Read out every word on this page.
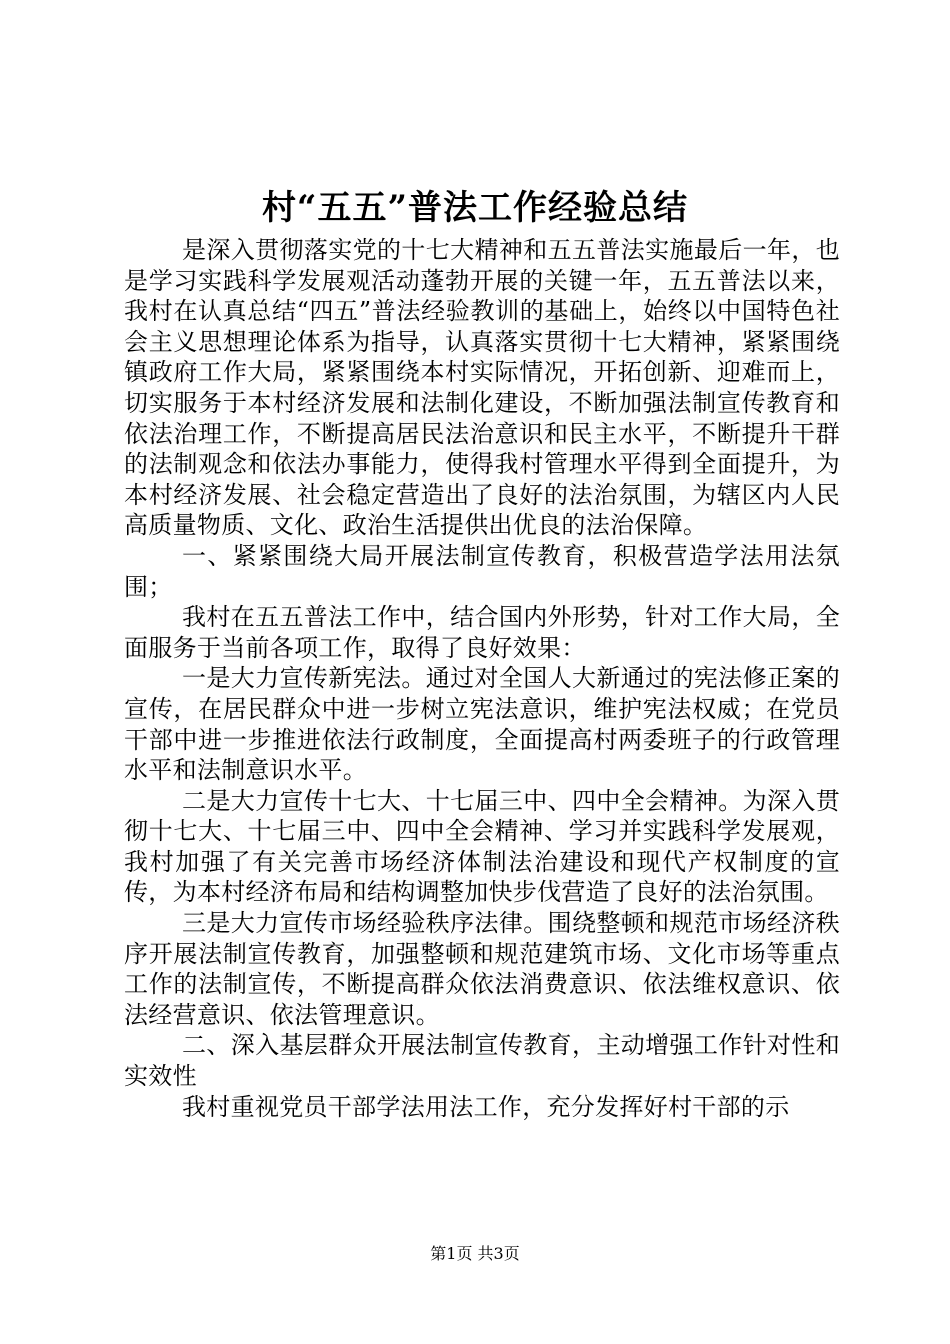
村“五五”普法工作经验总结

是深入贯彻落实党的十七大精神和五五普法实施最后一年，也是学习实践科学发展观活动蓬勃开展的关键一年，五五普法以来，我村在认真总结“四五”普法经验教训的基础上，始终以中国特色社会主义思想理论体系为指导，认真落实贯彻十七大精神，紧紧围绕镇政府工作大局，紧紧围绕本村实际情况，开拓创新、迎难而上，切实服务于本村经济发展和法制化建设，不断加强法制宣传教育和依法治理工作，不断提高居民法治意识和民主水平，不断提升干群的法制观念和依法办事能力，使得我村管理水平得到全面提升，为本村经济发展、社会稳定营造出了良好的法治氛围，为辖区内人民高质量物质、文化、政治生活提供出优良的法治保障。

一、紧紧围绕大局开展法制宣传教育，积极营造学法用法氛围；

我村在五五普法工作中，结合国内外形势，针对工作大局，全面服务于当前各项工作，取得了良好效果：

一是大力宣传新宪法。通过对全国人大新通过的宪法修正案的宣传，在居民群众中进一步树立宪法意识，维护宪法权威；在党员干部中进一步推进依法行政制度，全面提高村两委班子的行政管理水平和法制意识水平。

二是大力宣传十七大、十七届三中、四中全会精神。为深入贯彻十七大、十七届三中、四中全会精神、学习并实践科学发展观，我村加强了有关完善市场经济体制法治建设和现代产权制度的宣传，为本村经济布局和结构调整加快步伐营造了良好的法治氛围。

三是大力宣传市场经验秩序法律。围绕整顿和规范市场经济秩序开展法制宣传教育，加强整顿和规范建筑市场、文化市场等重点工作的法制宣传，不断提高群众依法消费意识、依法维权意识、依法经营意识、依法管理意识。

二、深入基层群众开展法制宣传教育，主动增强工作针对性和实效性

我村重视党员干部学法用法工作，充分发挥好村干部的示

第1页 共3页
